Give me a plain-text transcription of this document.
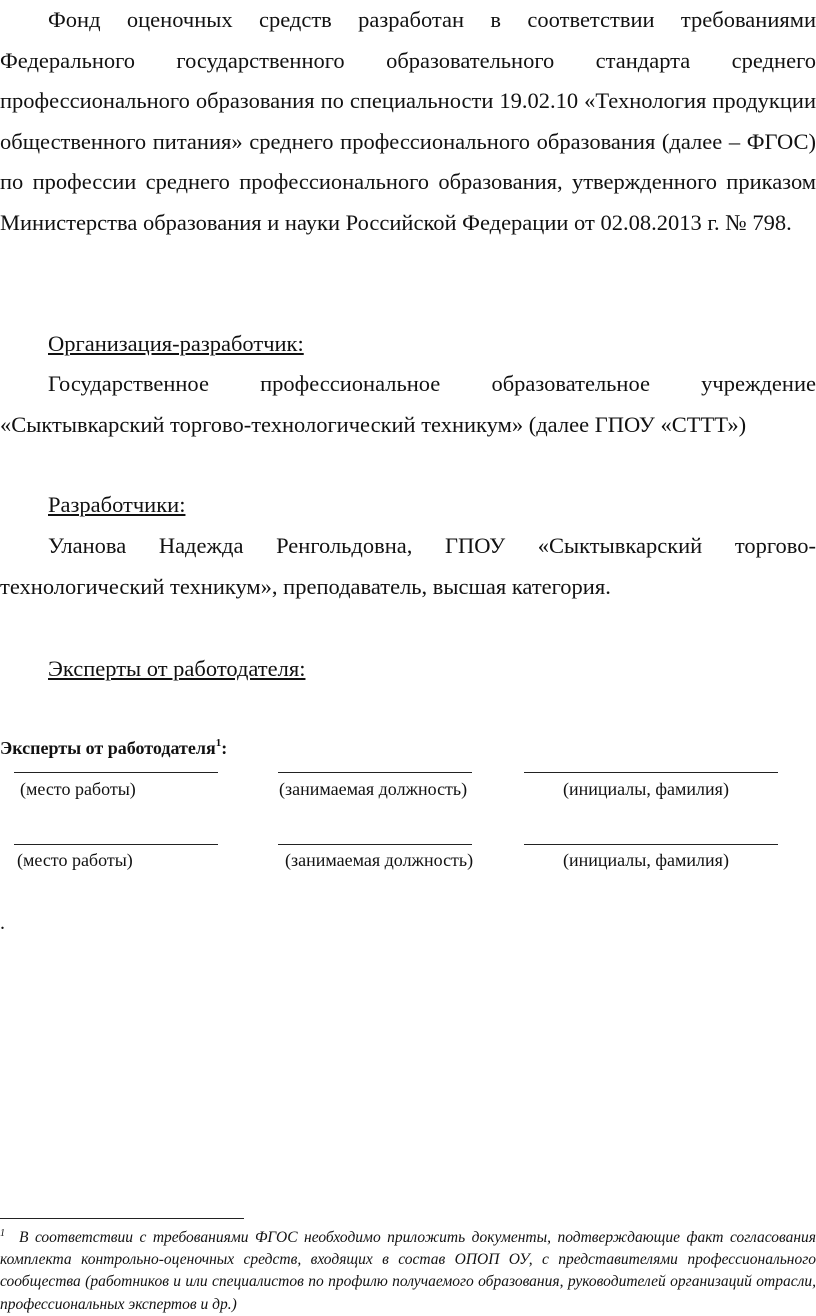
Фонд оценочных средств разработан в соответствии требованиями Федерального государственного образовательного стандарта среднего профессионального образования по специальности 19.02.10 «Технология продукции общественного питания» среднего профессионального образования (далее – ФГОС) по профессии среднего профессионального образования, утвержденного приказом Министерства образования и науки Российской Федерации от 02.08.2013 г. № 798.

Организация-разработчик:

Государственное профессиональное образовательное учреждение «Сыктывкарский торгово-технологический техникум» (далее ГПОУ «СТТТ»)

Разработчики:

Уланова Надежда Ренгольдовна, ГПОУ «Сыктывкарский торгово-технологический техникум», преподаватель, высшая категория.

Эксперты от работодателя:

Эксперты от работодателя$^1$:

(место работы)	(занимаемая должность)	(инициалы, фамилия)
(место работы)	(занимаемая должность)	(инициалы, фамилия)
.

$^1$ В соответствии с требованиями ФГОС необходимо приложить документы, подтверждающие факт согласования комплекта контрольно-оценочных средств, входящих в состав ОПОП ОУ, с представителями профессионального сообщества (работников и или специалистов по профилю получаемого образования, руководителей организаций отрасли, профессиональных экспертов и др.)
